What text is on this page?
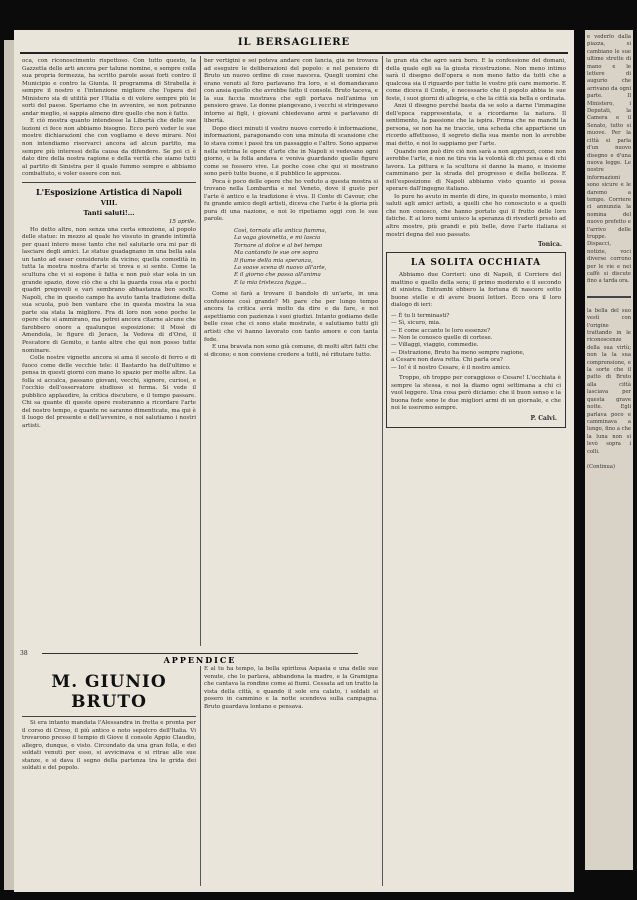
IL BERSAGLIERE

oca, con riconoscimento rispettoso. Con tutto questo, la Gazzetta delle arti ancora per talune nomine, e sempre colla sua propria fermezza, ha scritto parole assai forti contro il Municipio e contro la Giunta. Il programma di Strabella è sempre il nostro e l'intenzione migliore che l'opera del Ministero sia di utilità per l'Italia e di volere sempre più le sorti del paese. Speriamo che in avvenire, se non potranno andar meglio, si sappia almeno dire quello che non è fatto.

E ciò mostra quanto intendesse la Libertà che delle sue lezioni ci fece non abbiamo bisogno. Ecco però veder le sue mostre dichiarazioni che con vogliamo e deve mirare. Noi non intendiamo riservarci ancora ad alcun partito, ma sempre più interessi della causa da difendere. Se poi ci è dato dire della nostra ragione e della verità che siamo tutti al partito di Sinistra per il quale fummo sempre e abbiamo combattuto, e voler essere con noi.

L'Esposizione Artistica di Napoli
VIII.
Tanti saluti!...
15 aprile.

Ho detto altre, non senza una certa emozione, al popolo delle statue: in mezzo al quale ho vissuto in grande intimità per quasi intero mese tanto che nel salutarle ora mi par di lasciare degli amici. Le statue guadagnano in una bella sala un tanto ad esser considerate da vicino; quella comodità in tutta la mostra nostra d'arte si trova e si sente. Come la scultura che vi si espone è fatta e non può star sola in un grande spazio, dove ciò che a chi la guarda cosa sta e pochi quadri pregevoli e vari sembrano abbastanza ben scelti. Napoli, che in questo campo ha avuto tanta tradizione della sua scuola, può ben vantare che in questa mostra la sua parte sia stata la migliore. Fra di loro non sono poche le opere che si ammirano, ma potrei ancora citarne alcune che farebbero onore a qualunque esposizione: il Mosè di Amendola, le figure di Jerace, la Vedova di d'Orsi, il Pescatore di Gemito, e tante altre che qui non posso tutte nominare.

Colle nostre vignette ancora si ama il secolo di ferro e di fuoco come delle vecchie tele: il Bastardo ha dell'ultimo e pensa in questi giorni con mano lo spazio per molte altre. La folla si accalca, passano giovani, vecchi, signore, curiosi, e l'occhio dell'osservatore studioso si ferma. Si vede il pubblico applaudire, la critica discutere, e il tempo passare. Chi sa quante di queste opere resteranno a ricordare l'arte del nostro tempo, e quante ne saranno dimenticate, ma qui è il luogo del presente e dell'avvenire, e noi salutiamo i nostri artisti.

ber vertigini e sei poteva andare con lancia, già ne trovava ad eseguire le deliberazioni del popolo: e nel pensiero di Bruto un nuovo ordine di cose nasceva. Quegli uomini che erano venuti al foro parlavano fra loro, e si domandavano con ansia quello che avrebbe fatto il console. Bruto taceva, e la sua faccia mostrava che egli portava nell'anima un pensiero grave. Le donne piangevano, i vecchi si stringevano intorno ai figli, i giovani chiedevano armi e parlavano di libertà.

Dopo dieci minuti il vostro nuovo corredo è informazione, informazioni, paragonando con una minuta di scansione che lo stava come i passi tra un passaggio e l'altro. Sono apparse nella vetrina le opere d'arte che in Napoli si vedevano ogni giorno, e la folla andava e veniva guardando quelle figure come se fossero vive. Le poche cose che qui si mostrano sono però tutte buone, e il pubblico le apprezza.

Poca è poco delle opere che ho veduto a questa mostra si trovano nella Lombardia e nel Veneto, dove il gusto per l'arte è antico e la tradizione è viva. Il Conte di Cavour, che fu grande amico degli artisti, diceva che l'arte è la gloria più pura di una nazione, e noi lo ripetiamo oggi con le sue parole.

Così, tornata alla antica fiamma,
La vaga giovinetta, e mi lascia
Tornare al dolce e al bel tempo
Ma cantando le sue ore sopra
Il fiume della mia speranza,
La soave scena di nuovo all'arte,
E il giorno che passa all'anima
E la mia tristezza fugge...

Come si farà a trovare il bandolo di un'arte, in una confusione così grande? Mi pare che per lungo tempo ancora la critica avrà molto da dire e da fare, e noi aspettiamo con pazienza i suoi giudizi. Intanto godiamo delle belle cose che ci sono state mostrate, e salutiamo tutti gli artisti che vi hanno lavorato con tanto amore e con tanta fede.

E una bravata non sono già comune, di molti altri fatti che si dicono; e non conviene credere a tutti, né rifiutare tutto.

la gran età che agrò sarà boro. È la confessione del domani, della quale egli sa la giusta ricostruzione. Non meno intimo sarà il disegno dell'opera e non meno fatto da tutti che a qualcosa sia il riguardo per tutte le vostre più care memorie. E come diceva il Conte, è necessario che il popolo abbia le sue feste, i suoi giorni di allegria, e che la città sia bella e ordinata.

Anzi il disegno perché basta da se solo a darne l'immagine dell'epoca rappresentata, e a ricordarne la natura. Il sentimento, la passione che la ispira. Prima che ne manchi la persona, se non ha ne traccie, una scheda che appartiene un ricordo affettuoso, il segreto della sua mente non lo avrebbe mai detto, e noi lo sappiamo per l'arte.

Quando non può dire ciò non sarà a non apprezzi, come non avrebbe l'arte, e non ne tira via la volontà di chi pensa e di chi lavora. La pittura e la scultura si danno la mano, e insieme camminano per la strada del progresso e della bellezza. E nell'esposizione di Napoli abbiamo visto quanto si possa sperare dall'ingegno italiano.

Io pure ho avuto in mente di dire, in questo momento, i miei saluti agli amici artisti, a quelli che ho conosciuto e a quelli che non conosco, che hanno portato qui il frutto delle loro fatiche. E ai loro nomi unisco la speranza di rivederli presto ad altre mostre, più grandi e più belle, dove l'arte italiana si mostri degna del suo passato.

Tonica.
LA SOLITA OCCHIATA

Abbiamo due Corrieri: uno di Napoli, il Corriere del mattino e quello della sera; il primo moderato e il secondo di sinistra. Entrambi ebbero la fortuna di nascere sotto buone stelle e di avere buoni lettori. Ecco ora il loro dialogo di ieri:

— È tu li terminasti?

— Sì, sicuro, mia.

— E come accanto le loro essenze?

— Non le conosco quelle di cortese.

— Villaggi, viaggio, commedie.

— Distrazione, Bruto ha meno sempre ragione,

a Cesare non dava retta. Chi parla ora?

— Io! è il nostro Cesare, è il nostro amico.

Troppo, oh troppo per coraggioso o Cesare! L'occhiata è sempre la stessa, e noi la diamo ogni settimana a chi ci vuol leggere. Una cosa però diciamo: che il buon senso e la buona fede sono le due migliori armi di un giornale, e che noi le useremo sempre.

P. Calvi.
APPENDICE
38
M. GIUNIO BRUTO

Si era intanto mandata l'Alessandra in fretta e pronta per il corso di Creso, il più antico e noto sepolcro dell'Italia. Vi trovarono presso il tempio di Giove il console Appio Claudio, allegro, dunque, e visto. Circondato da una gran folla, e dei soldati venuti per esso, si avvicinava e si ritrae alle sue stanze, e si dava il segno della partenza tra le grida dei soldati e del popolo.

E al tu ha tempo, la bella spiritosa Aspasia e una delle sue venute, che lo parlava, abbandona la madre, e la Gramigna che cantava la rondine come ai fiumi. Cessata ad un tratto la vista della città, e quando il sole era calato, i soldati si posero in cammino e la notte scendeva sulla campagna. Bruto guardava lontano e pensava.

e vederlo dalla piazza, si cambiano le sue ultime strette di mano e le lettere di augurio che arrivano da ogni parte. Il Ministero, i Deputati, la Camera e il Senato, tutto si muove. Per la città si parla d'un nuovo disegno e d'una nuova legge. Le nostre informazioni sono sicure e le daremo a tempo. Corriere ci annunzia la nomina del nuovo prefetto e l'arrivo delle truppe. Dispacci, notizie, voci diverse corrono per le vie e nei caffè si discute fino a tarda ora.
la bella del suo vestì con l'origine trattando in le riconoscenze della sua virtù; non la la sua comprensione, e la sorte che il patto di Bruto alla città lasciava per questa grave notte. Egli parlava poco e camminava a lungo, fino a che la luna non si levò sopra i colli.
(Continua)
